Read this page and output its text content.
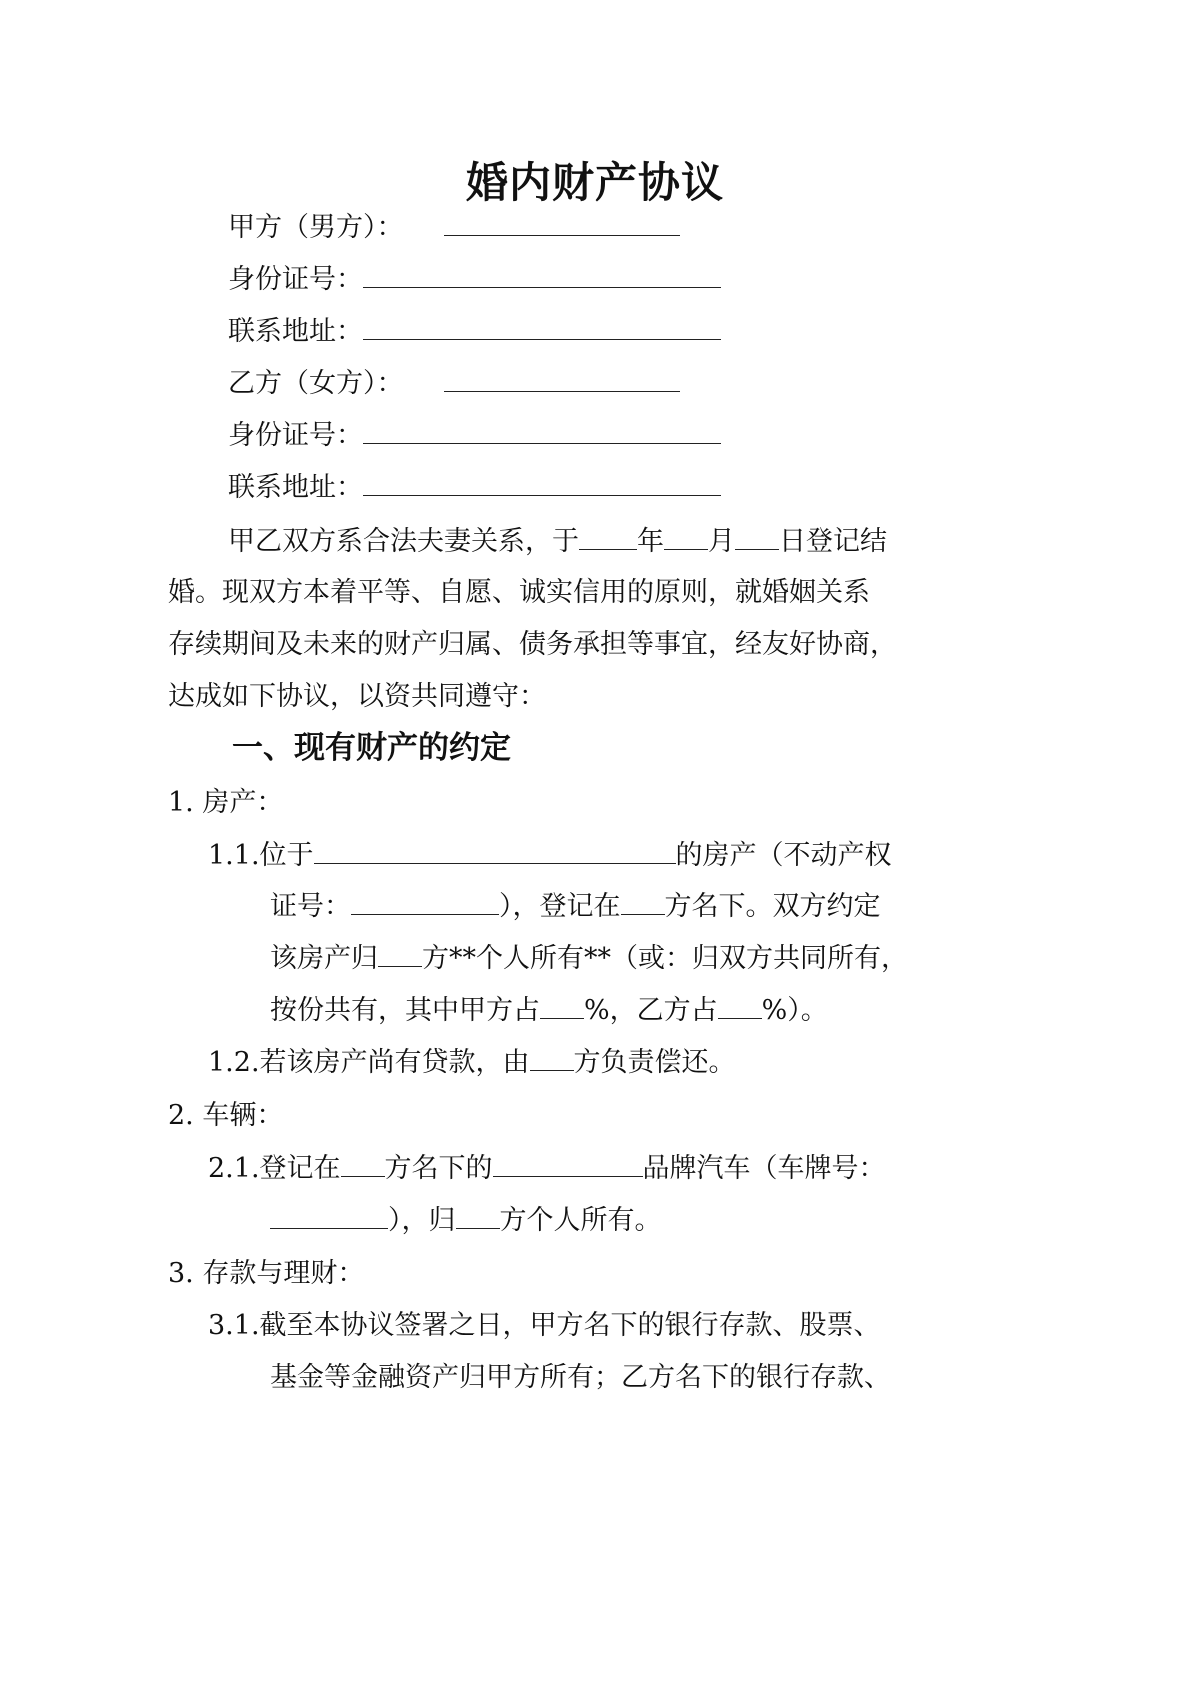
婚内财产协议
甲方（男方）：
身份证号：
联系地址：
乙方（女方）：
身份证号：
联系地址：
甲乙双方系合法夫妻关系，于 年 月 日登记结
婚。现双方本着平等、自愿、诚实信用的原则，就婚姻关系
存续期间及未来的财产归属、债务承担等事宜，经友好协商，
达成如下协议，以资共同遵守：
一、现有财产的约定
1. 房产：
1.1.位于	的房产（不动产权
证号：	），登记在 方名下。双方约定
该房产归 方**个人所有**（或：归双方共同所有，
按份共有，其中甲方占 %，乙方占 %）。
1.2.若该房产尚有贷款，由 方负责偿还。
2. 车辆：
2.1.登记在 方名下的	品牌汽车（车牌号：
），归 方个人所有。
3. 存款与理财：
3.1.截至本协议签署之日，甲方名下的银行存款、股票、
基金等金融资产归甲方所有；乙方名下的银行存款、
